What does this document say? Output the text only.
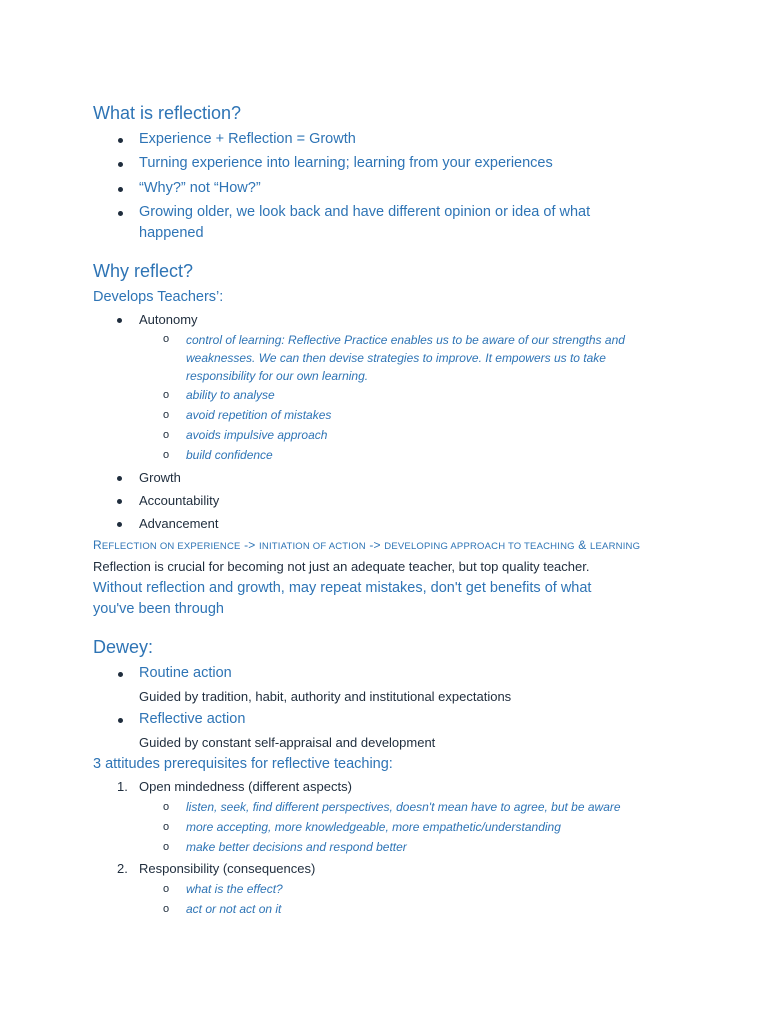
What is reflection?
Experience + Reflection = Growth
Turning experience into learning; learning from your experiences
“Why?” not “How?”
Growing older, we look back and have different opinion or idea of what
happened
Why reflect?
Develops Teachers’:
Autonomy
o control of learning: Reflective Practice enables us to be aware of our strengths and
weaknesses. We can then devise strategies to improve. It empowers us to take
responsibility for our own learning.
o ability to analyse
o avoid repetition of mistakes
o avoids impulsive approach
o build confidence
Growth
Accountability
Advancement
REFLECTION ON EXPERIENCE -> INITIATION OF ACTION -> DEVELOPING APPROACH TO TEACHING & LEARNING
Reflection is crucial for becoming not just an adequate teacher, but top quality teacher.
Without reflection and growth, may repeat mistakes, don't get benefits of what
you've been through
Dewey:
Routine action
Guided by tradition, habit, authority and institutional expectations
Reflective action
Guided by constant self-appraisal and development
3 attitudes prerequisites for reflective teaching:
1. Open mindedness (different aspects)
o listen, seek, find different perspectives, doesn't mean have to agree, but be aware
o more accepting, more knowledgeable, more empathetic/understanding
o make better decisions and respond better
2. Responsibility (consequences)
o what is the effect?
o act or not act on it
